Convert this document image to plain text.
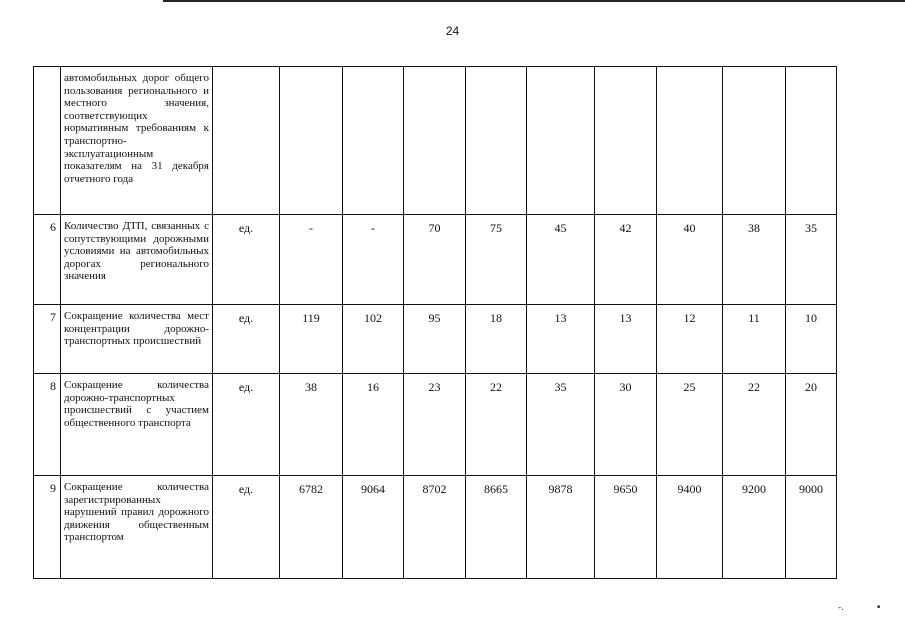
24
	автомобильных дорог общего пользования регионального и местного значения, соответствующих нормативным требованиям к транспортно-эксплуатационным показателям на 31 декабря отчетного года										
6	Количество ДТП, связанных с сопутствующими дорожными условиями на автомобильных дорогах регионального значения	ед.	-	-	70	75	45	42	40	38	35
7	Сокращение количества мест концентрации дорожно-транспортных происшествий	ед.	119	102	95	18	13	13	12	11	10
8	Сокращение количества дорожно-транспортных происшествий с участием общественного транспорта	ед.	38	16	23	22	35	30	25	22	20
9	Сокращение количества зарегистрированных нарушений правил дорожного движения общественным транспортом	ед.	6782	9064	8702	8665	9878	9650	9400	9200	9000
-.	•
